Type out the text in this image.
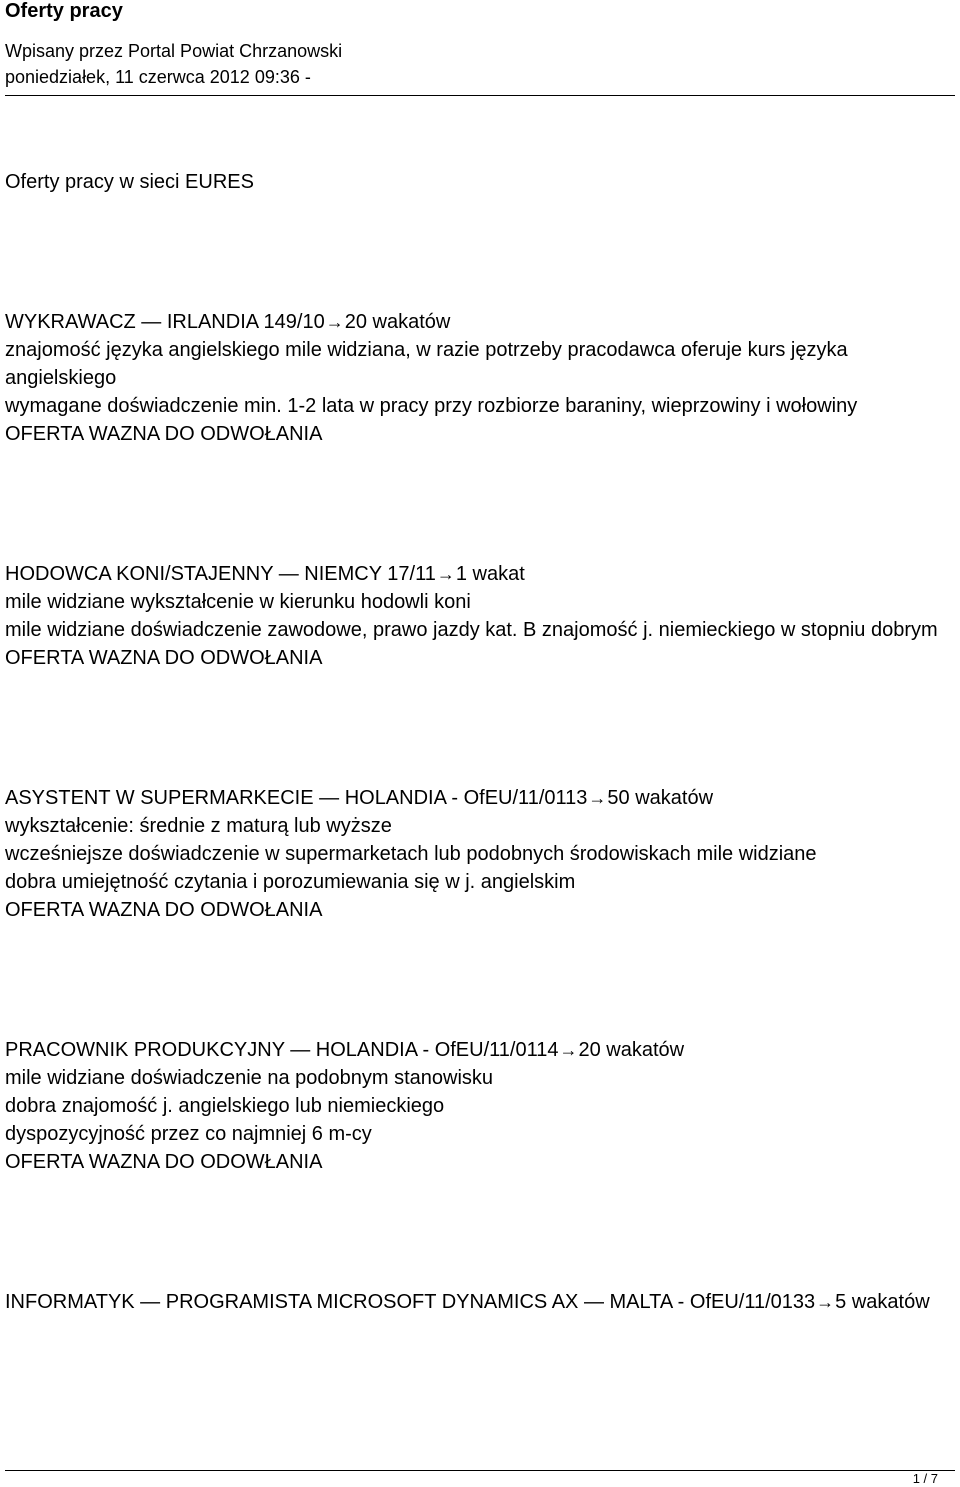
Oferty pracy
Wpisany przez Portal Powiat Chrzanowski
poniedziałek, 11 czerwca 2012 09:36 -
Oferty pracy w sieci EURES
WYKRAWACZ — IRLANDIA 149/10→20 wakatów
znajomość języka angielskiego mile widziana, w razie potrzeby pracodawca oferuje kurs języka angielskiego
wymagane doświadczenie min. 1-2 lata w pracy przy rozbiorze baraniny, wieprzowiny i wołowiny
OFERTA WAZNA DO ODWOŁANIA
HODOWCA KONI/STAJENNY — NIEMCY 17/11→1 wakat
mile widziane wykształcenie w kierunku hodowli koni
mile widziane doświadczenie zawodowe, prawo jazdy kat. B znajomość j. niemieckiego w stopniu dobrym
OFERTA WAZNA DO ODWOŁANIA
ASYSTENT W SUPERMARKECIE — HOLANDIA - OfEU/11/0113→50 wakatów
wykształcenie: średnie z maturą lub wyższe
wcześniejsze doświadczenie w supermarketach lub podobnych środowiskach mile widziane
dobra umiejętność czytania i porozumiewania się w j. angielskim
OFERTA WAZNA DO ODWOŁANIA
PRACOWNIK PRODUKCYJNY — HOLANDIA - OfEU/11/0114→20 wakatów
mile widziane doświadczenie na podobnym stanowisku
dobra znajomość j. angielskiego lub niemieckiego
dyspozycyjność przez co najmniej 6 m-cy
OFERTA WAZNA DO ODOWŁANIA
INFORMATYK — PROGRAMISTA MICROSOFT DYNAMICS AX — MALTA - OfEU/11/0133→5 wakatów
1 / 7
